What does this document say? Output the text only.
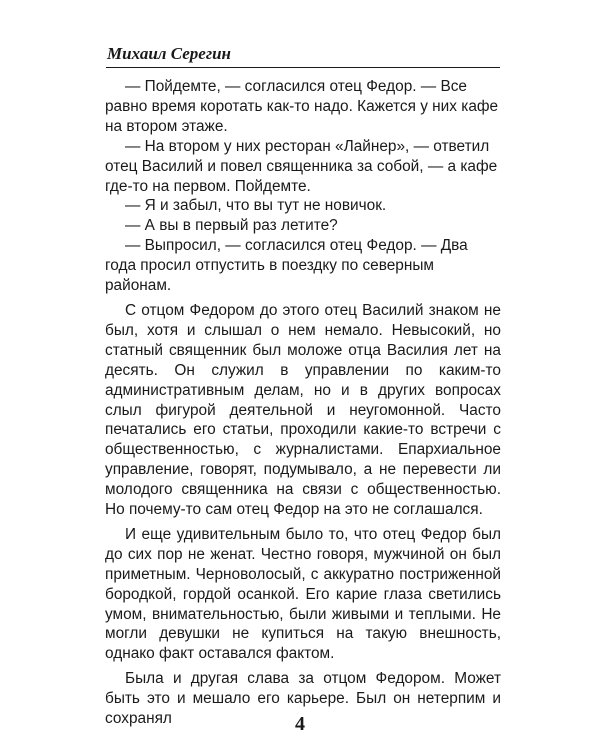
Михаил Серегин

— Пойдемте, — согласился отец Федор. — Все равно время коротать как-то надо. Кажется у них кафе на втором этаже.

— На втором у них ресторан «Лайнер», — ответил отец Василий и повел священника за собой, — а кафе где-то на первом. Пойдемте.

— Я и забыл, что вы тут не новичок.

— А вы в первый раз летите?

— Выпросил, — согласился отец Федор. — Два года просил отпустить в поездку по северным районам.

С отцом Федором до этого отец Василий знаком не был, хотя и слышал о нем немало. Невысокий, но статный священник был моложе отца Василия лет на десять. Он служил в управлении по каким-то административным делам, но и в других вопросах слыл фигурой деятельной и неугомонной. Часто печатались его статьи, проходили какие-то встречи с общественностью, с журналистами. Епархиальное управление, говорят, подумывало, а не перевести ли молодого священника на связи с общественностью. Но почему-то сам отец Федор на это не соглашался.

И еще удивительным было то, что отец Федор был до сих пор не женат. Честно говоря, мужчиной он был приметным. Черноволосый, с аккуратно постриженной бородкой, гордой осанкой. Его карие глаза светились умом, внимательностью, были живыми и теплыми. Не могли девушки не купиться на такую внешность, однако факт оставался фактом.

Была и другая слава за отцом Федором. Может быть это и мешало его карьере. Был он нетерпим и сохранял	4
